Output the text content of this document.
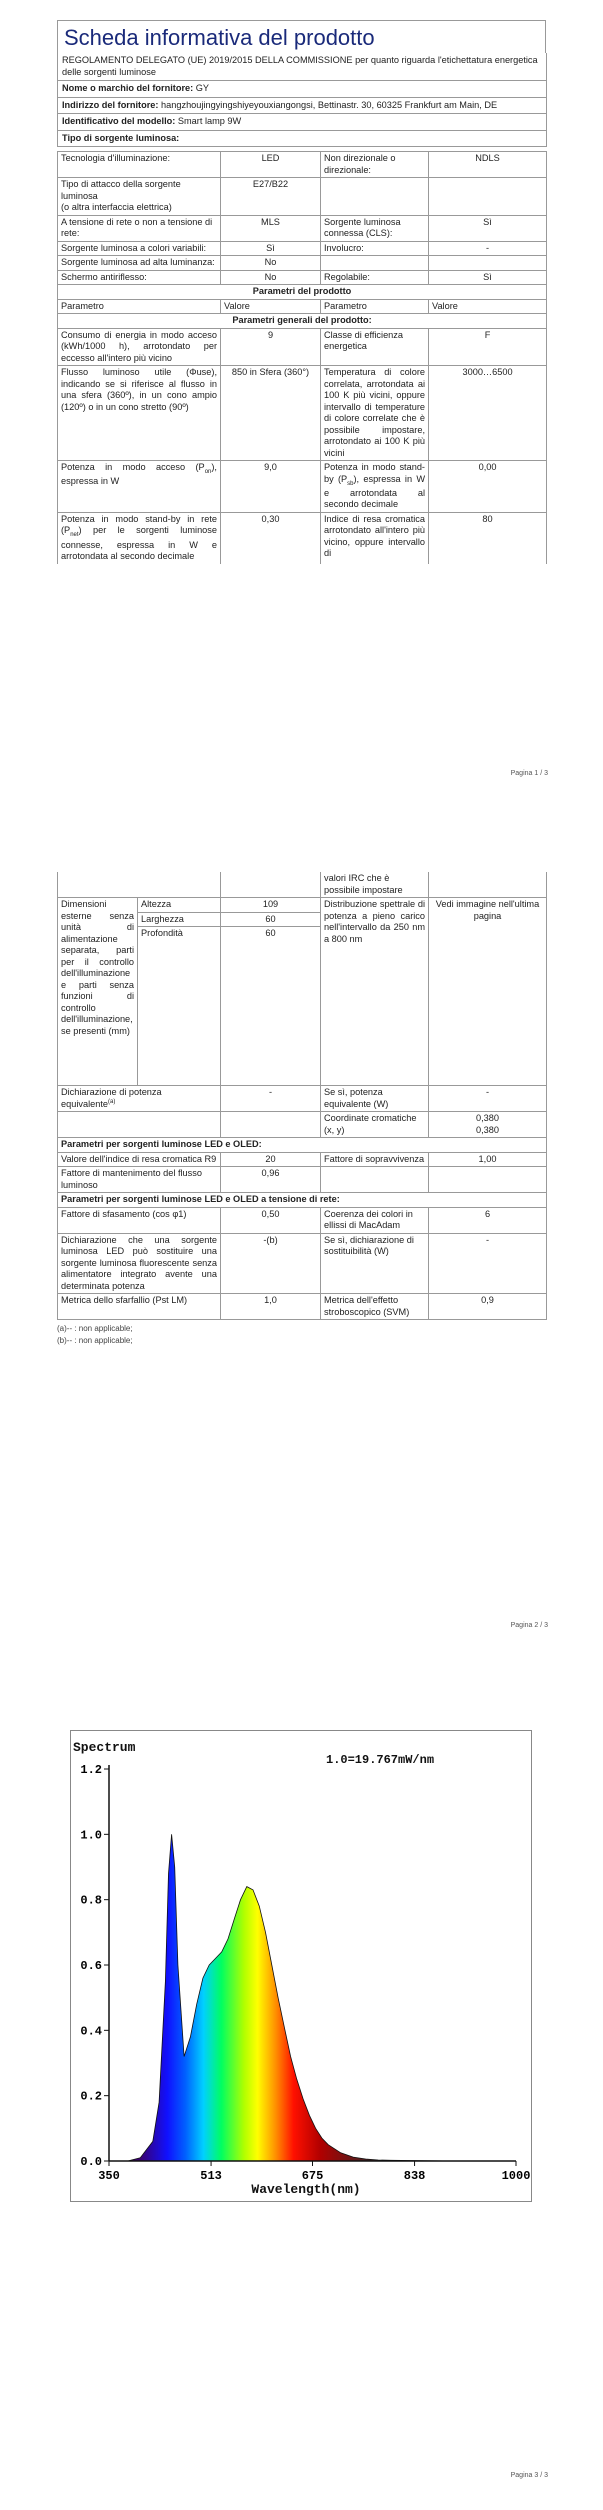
Scheda informativa del prodotto
REGOLAMENTO DELEGATO (UE) 2019/2015 DELLA COMMISSIONE per quanto riguarda l'etichettatura energetica delle sorgenti luminose			
Nome o marchio del fornitore: GY			
Indirizzo del fornitore: hangzhoujingyingshiyeyouxiangongsi, Bettinastr. 30, 60325 Frankfurt am Main, DE			
Identificativo del modello: Smart lamp 9W			
Tipo di sorgente luminosa:			

Tecnologia d'illuminazione:	LED	Non direzionale o direzionale:	NDLS
Tipo di attacco della sorgente luminosa
(o altra interfaccia elettrica)	E27/B22		
A tensione di rete o non a tensione di rete:	MLS	Sorgente luminosa connessa (CLS):	Sì
Sorgente luminosa a colori variabili:	Sì	Involucro:	-
Sorgente luminosa ad alta luminanza:	No		
Schermo antiriflesso:	No	Regolabile:	Sì
Parametri del prodotto			
Parametro	Valore	Parametro	Valore
Parametri generali del prodotto:			
Consumo di energia in modo acceso (kWh/1000 h), arrotondato per eccesso all'intero più vicino	9	Classe di efficienza energetica	F
Flusso luminoso utile (Φuse), indicando se si riferisce al flusso in una sfera (360º), in un cono ampio (120º) o in un cono stretto (90º)	850 in Sfera (360°)	Temperatura di colore correlata, arrotondata ai 100 K più vicini, oppure intervallo di temperature di colore correlate che è possibile impostare, arrotondato ai 100 K più vicini	3000…6500
Potenza in modo acceso $(P_{on})$, espressa in W	9,0	Potenza in modo stand-by $(P_{sb})$, espressa in W e arrotondata al secondo decimale	0,00
Potenza in modo stand-by in rete $(P_{net})$ per le sorgenti luminose connesse, espressa in W e arrotondata al secondo decimale	0,30	Indice di resa cromatica arrotondato all'intero più vicino, oppure intervallo di	80
Pagina 1 / 3
			valori IRC che è possibile impostare	
Dimensioni esterne senza unità di alimentazione separata, parti per il controllo dell'illuminazione e parti senza funzioni di controllo dell'illuminazione, se presenti (mm)	Altezza	109	Distribuzione spettrale di potenza a pieno carico nell'intervallo da 250 nm a 800 nm	Vedi immagine nell'ultima pagina
	Larghezza	60		
	Profondità	60		
Dichiarazione di potenza equivalente$^{(a)}$		-	Se sì, potenza equivalente (W)	-
			Coordinate cromatiche (x, y)	0,380
0,380
Parametri per sorgenti luminose LED e OLED:				
Valore dell'indice di resa cromatica R9		20	Fattore di sopravvivenza	1,00
Fattore di mantenimento del flusso luminoso		0,96		
Parametri per sorgenti luminose LED e OLED a tensione di rete:				
Fattore di sfasamento (cos φ1)		0,50	Coerenza dei colori in ellissi di MacAdam	6
Dichiarazione che una sorgente luminosa LED può sostituire una sorgente luminosa fluorescente senza alimentatore integrato avente una determinata potenza		-(b)	Se sì, dichiarazione di sostituibilità (W)	-
Metrica dello sfarfallio (Pst LM)		1,0	Metrica dell'effetto stroboscopico (SVM)	0,9
(a)-- : non applicable;
(b)-- : non applicable;
Pagina 2 / 3
Spectrum
1.0=19.767mW/nm
0.0
0.2
0.4
0.6
0.8
1.0
1.2
350	513	675	838	1000
Wavelength(nm)
Pagina 3 / 3
